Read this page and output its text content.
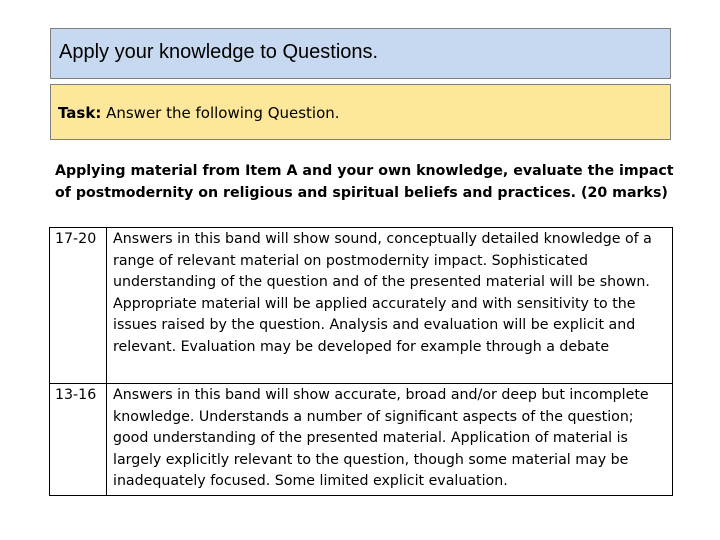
Apply your knowledge to Questions.
Task: Answer the following Question.
Applying material from Item A and your own knowledge, evaluate the impact of postmodernity on religious and spiritual beliefs and practices. (20 marks)
17-20	Answers in this band will show sound, conceptually detailed knowledge of a range of relevant material on postmodernity impact. Sophisticated understanding of the question and of the presented material will be shown. Appropriate material will be applied accurately and with sensitivity to the issues raised by the question. Analysis and evaluation will be explicit and relevant. Evaluation may be developed for example through a debate
13-16	Answers in this band will show accurate, broad and/or deep but incomplete knowledge. Understands a number of significant aspects of the question; good understanding of the presented material. Application of material is largely explicitly relevant to the question, though some material may be inadequately focused. Some limited explicit evaluation.
